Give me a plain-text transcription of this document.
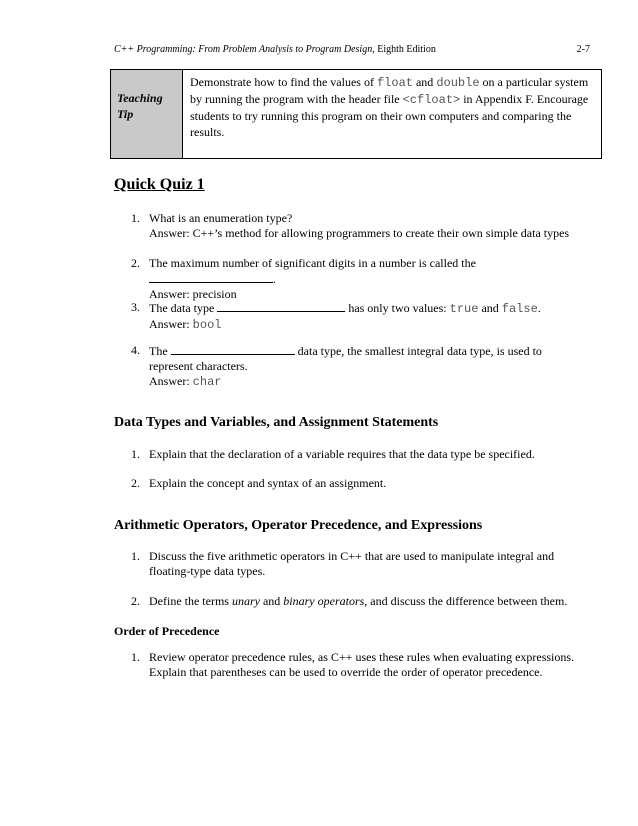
C++ Programming: From Problem Analysis to Program Design, Eighth Edition	2-7
Teaching
Tip
Demonstrate how to find the values of float and double on a particular system by running the program with the header file <cfloat> in Appendix F. Encourage students to try running this program on their own computers and comparing the results.
Quick Quiz 1
1. What is an enumeration type?
Answer: C++’s method for allowing programmers to create their own simple data types
2. The maximum number of significant digits in a number is called the
.
Answer: precision
3. The data type	has only two values: true and false.
Answer: bool
4. The	data type, the smallest integral data type, is used to represent characters.
Answer: char
Data Types and Variables, and Assignment Statements
1. Explain that the declaration of a variable requires that the data type be specified.
2. Explain the concept and syntax of an assignment.
Arithmetic Operators, Operator Precedence, and Expressions
1. Discuss the five arithmetic operators in C++ that are used to manipulate integral and floating-type data types.
2. Define the terms unary and binary operators, and discuss the difference between them.
Order of Precedence
1. Review operator precedence rules, as C++ uses these rules when evaluating expressions. Explain that parentheses can be used to override the order of operator precedence.
